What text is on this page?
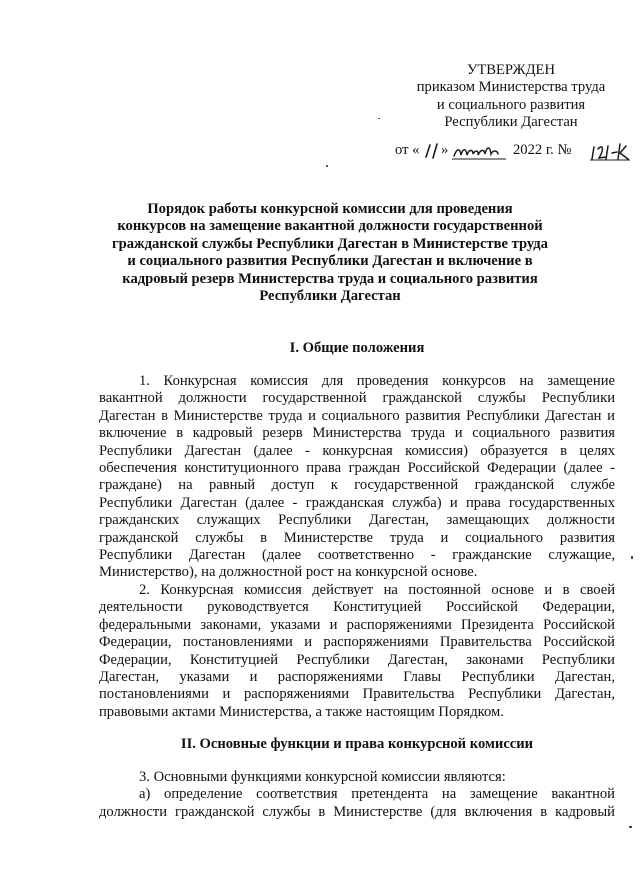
УТВЕРЖДЕН
приказом Министерства труда
и социального развития
Республики Дагестан
от « »	2022 г. №
Порядок работы конкурсной комиссии для проведения
конкурсов на замещение вакантной должности государственной
гражданской службы Республики Дагестан в Министерстве труда
и социального развития Республики Дагестан и включение в
кадровый резерв Министерства труда и социального развития
Республики Дагестан
I. Общие положения
1. Конкурсная комиссия для проведения конкурсов на замещение
вакантной должности государственной гражданской службы Республики
Дагестан в Министерстве труда и социального развития Республики Дагестан и
включение в кадровый резерв Министерства труда и социального развития
Республики Дагестан (далее - конкурсная комиссия) образуется в целях
обеспечения конституционного права граждан Российской Федерации (далее -
граждане) на равный доступ к государственной гражданской службе
Республики Дагестан (далее - гражданская служба) и права государственных
гражданских служащих Республики Дагестан, замещающих должности
гражданской службы в Министерстве труда и социального развития
Республики Дагестан (далее соответственно - гражданские служащие,
Министерство), на должностной рост на конкурсной основе.
2. Конкурсная комиссия действует на постоянной основе и в своей
деятельности руководствуется Конституцией Российской Федерации,
федеральными законами, указами и распоряжениями Президента Российской
Федерации, постановлениями и распоряжениями Правительства Российской
Федерации, Конституцией Республики Дагестан, законами Республики
Дагестан, указами и распоряжениями Главы Республики Дагестан,
постановлениями и распоряжениями Правительства Республики Дагестан,
правовыми актами Министерства, а также настоящим Порядком.
II. Основные функции и права конкурсной комиссии
3. Основными функциями конкурсной комиссии являются:
а) определение соответствия претендента на замещение вакантной
должности гражданской службы в Министерстве (для включения в кадровый
